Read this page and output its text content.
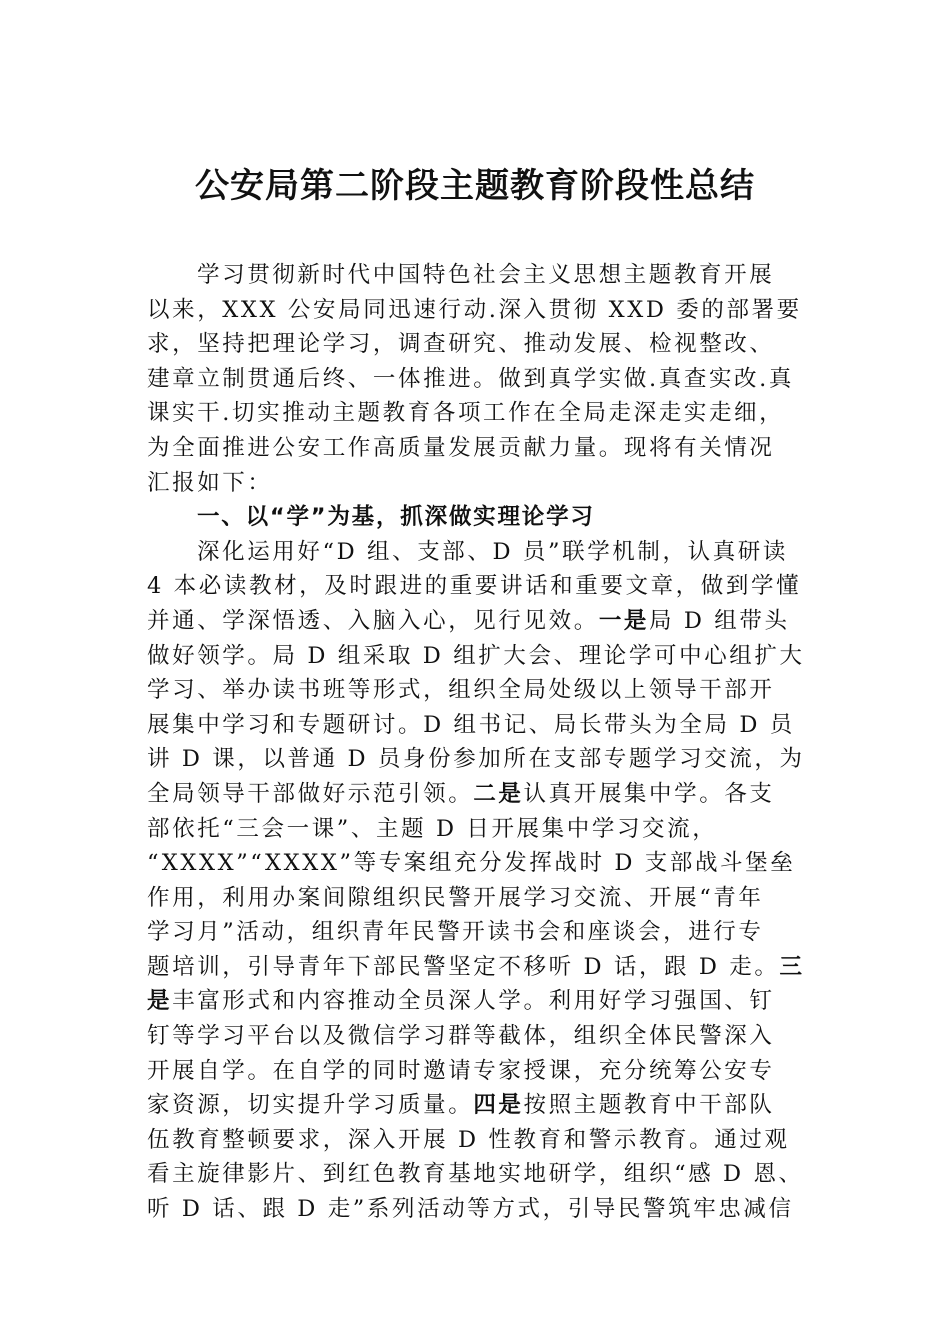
公安局第二阶段主题教育阶段性总结
学习贯彻新时代中国特色社会主义思想主题教育开展
以来，XXX 公安局同迅速行动.深入贯彻 XXD 委的部署要
求，坚持把理论学习，调查研究、推动发展、检视整改、
建章立制贯通后终、一体推进。做到真学实做.真查实改.真
课实干.切实推动主题教育各项工作在全局走深走实走细，
为全面推进公安工作高质量发展贡献力量。现将有关情况
汇报如下：
一、以“学”为基，抓深做实理论学习
深化运用好“D 组、支部、D 员”联学机制，认真研读
4 本必读教材，及时跟进的重要讲话和重要文章，做到学懂
并通、学深悟透、入脑入心，见行见效。一是局 D 组带头
做好领学。局 D 组采取 D 组扩大会、理论学可中心组扩大
学习、举办读书班等形式，组织全局处级以上领导干部开
展集中学习和专题研讨。D 组书记、局长带头为全局 D 员
讲 D 课，以普通 D 员身份参加所在支部专题学习交流，为
全局领导干部做好示范引领。二是认真开展集中学。各支
部依托“三会一课”、主题 D 日开展集中学习交流，
“XXXX”“XXXX”等专案组充分发挥战时 D 支部战斗堡垒
作用，利用办案间隙组织民警开展学习交流、开展“青年
学习月”活动，组织青年民警开读书会和座谈会，进行专
题培训，引导青年下部民警坚定不移听 D 话，跟 D 走。三
是丰富形式和内容推动全员深人学。利用好学习强国、钉
钉等学习平台以及微信学习群等截体，组织全体民警深入
开展自学。在自学的同时邀请专家授课，充分统筹公安专
家资源，切实提升学习质量。四是按照主题教育中干部队
伍教育整顿要求，深入开展 D 性教育和警示教育。通过观
看主旋律影片、到红色教育基地实地研学，组织“感 D 恩、
听 D 话、跟 D 走”系列活动等方式，引导民警筑牢忠减信
